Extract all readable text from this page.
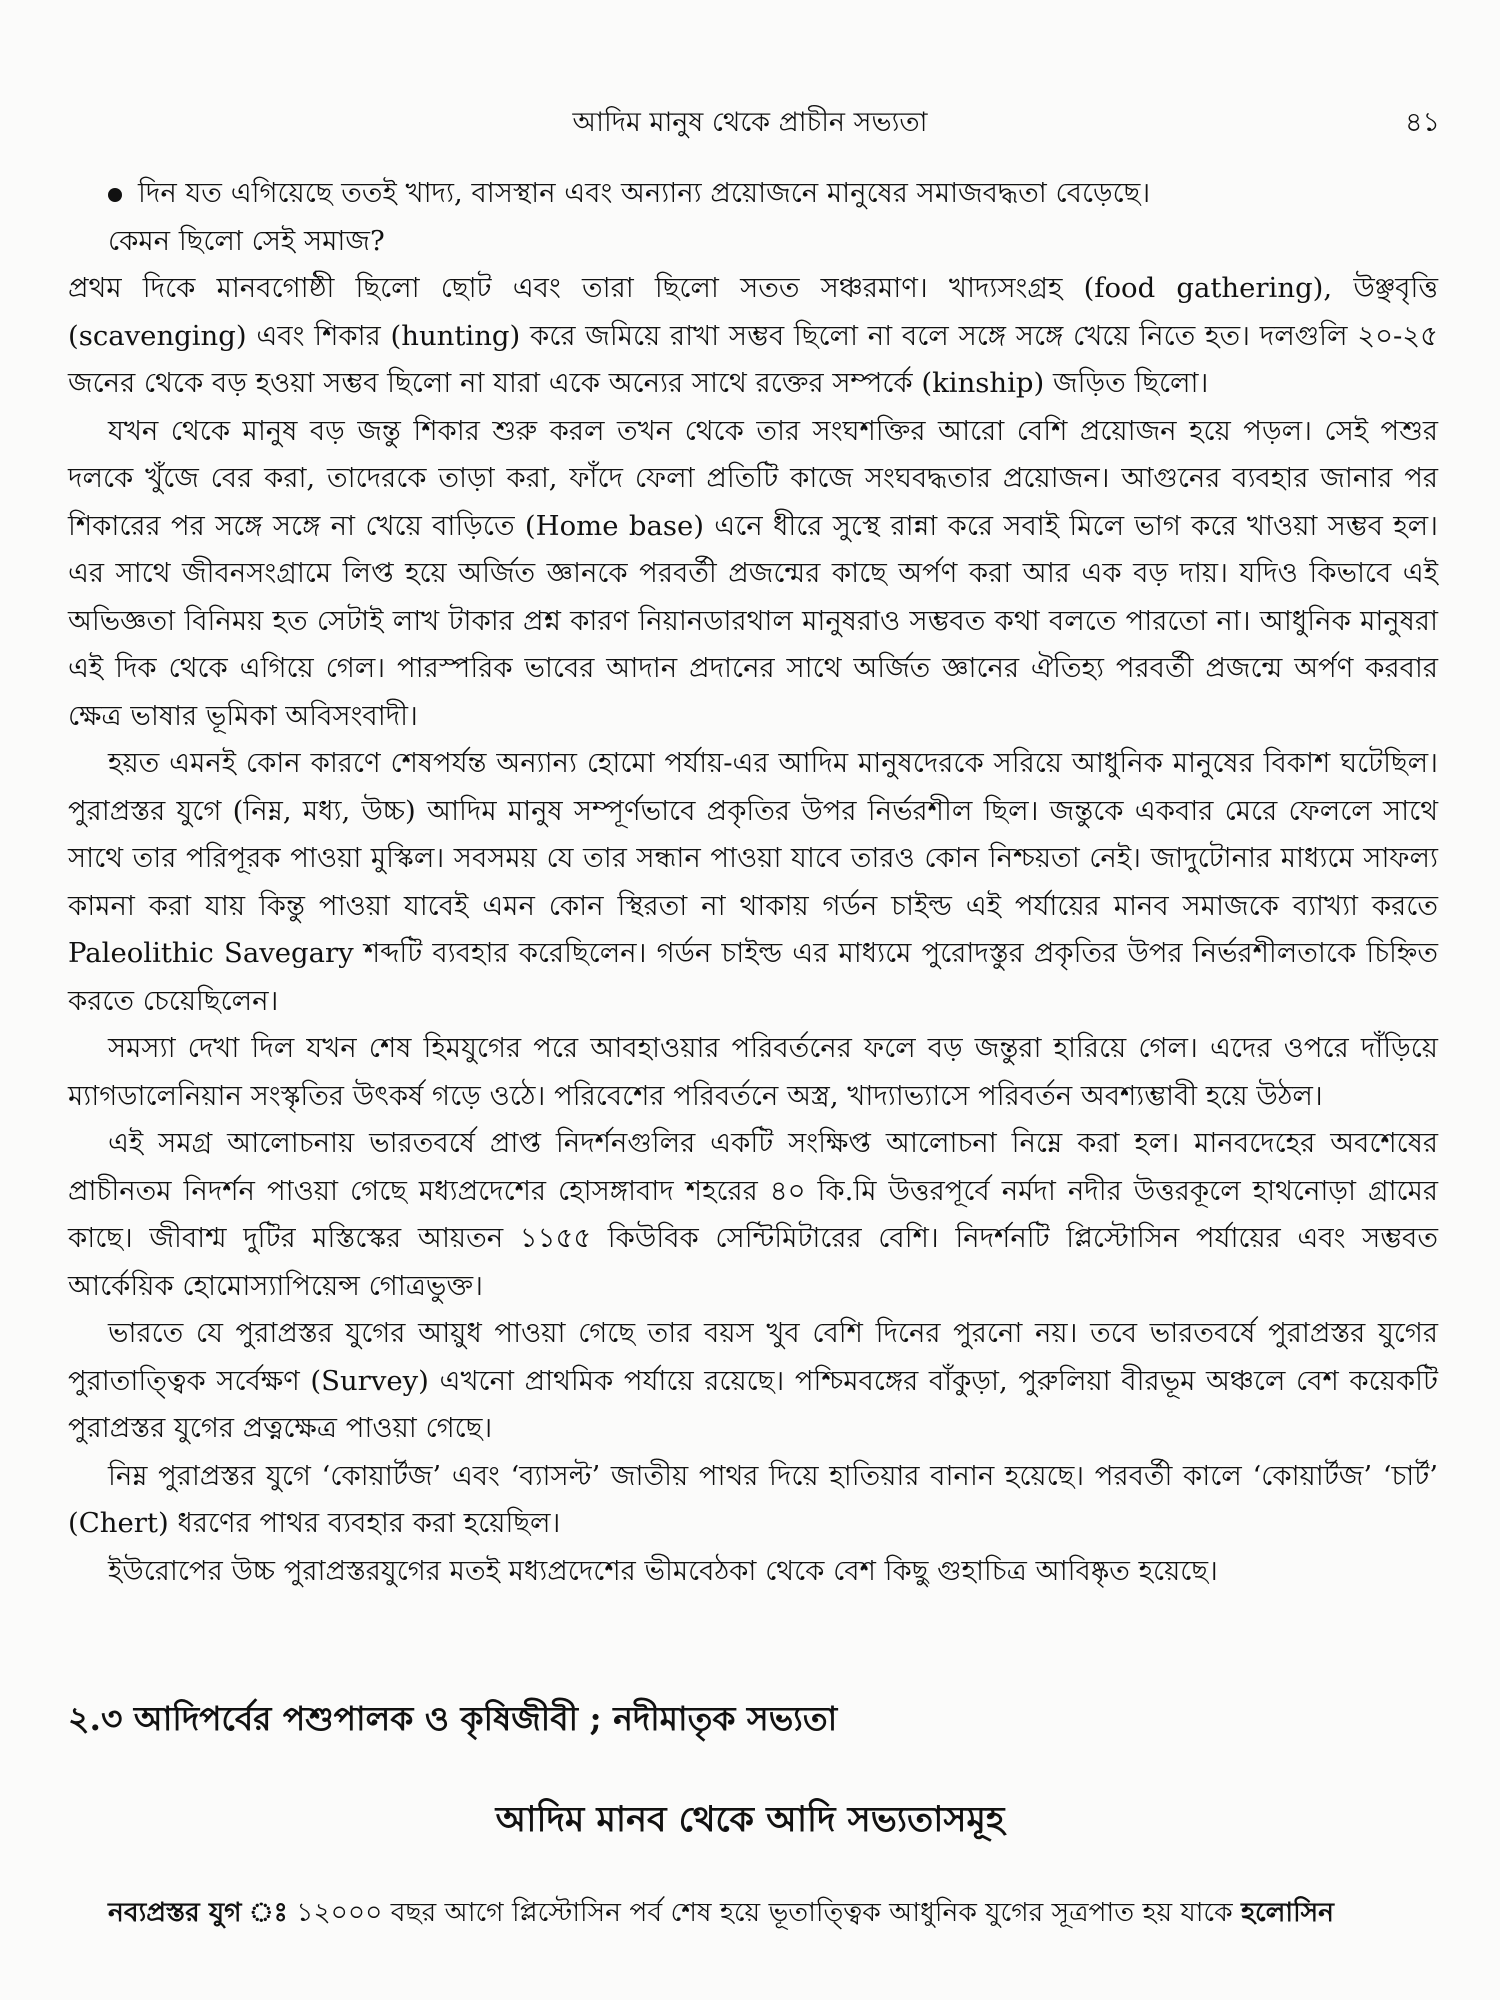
আদিম মানুষ থেকে প্রাচীন সভ্যতা	৪১

দিন যত এগিয়েছে ততই খাদ্য, বাসস্থান এবং অন্যান্য প্রয়োজনে মানুষের সমাজবদ্ধতা বেড়েছে।

কেমন ছিলো সেই সমাজ?

প্রথম দিকে মানবগোষ্ঠী ছিলো ছোট এবং তারা ছিলো সতত সঞ্চরমাণ। খাদ্যসংগ্রহ (food gathering), উঞ্ছবৃত্তি (scavenging) এবং শিকার (hunting) করে জমিয়ে রাখা সম্ভব ছিলো না বলে সঙ্গে সঙ্গে খেয়ে নিতে হত। দলগুলি ২০-২৫ জনের থেকে বড় হওয়া সম্ভব ছিলো না যারা একে অন্যের সাথে রক্তের সম্পর্কে (kinship) জড়িত ছিলো।

যখন থেকে মানুষ বড় জন্তু শিকার শুরু করল তখন থেকে তার সংঘশক্তির আরো বেশি প্রয়োজন হয়ে পড়ল। সেই পশুর দলকে খুঁজে বের করা, তাদেরকে তাড়া করা, ফাঁদে ফেলা প্রতিটি কাজে সংঘবদ্ধতার প্রয়োজন। আগুনের ব্যবহার জানার পর শিকারের পর সঙ্গে সঙ্গে না খেয়ে বাড়িতে (Home base) এনে ধীরে সুস্থে রান্না করে সবাই মিলে ভাগ করে খাওয়া সম্ভব হল। এর সাথে জীবনসংগ্রামে লিপ্ত হয়ে অর্জিত জ্ঞানকে পরবর্তী প্রজন্মের কাছে অর্পণ করা আর এক বড় দায়। যদিও কিভাবে এই অভিজ্ঞতা বিনিময় হত সেটাই লাখ টাকার প্রশ্ন কারণ নিয়ানডারথাল মানুষরাও সম্ভবত কথা বলতে পারতো না। আধুনিক মানুষরা এই দিক থেকে এগিয়ে গেল। পারস্পরিক ভাবের আদান প্রদানের সাথে অর্জিত জ্ঞানের ঐতিহ্য পরবর্তী প্রজন্মে অর্পণ করবার ক্ষেত্র ভাষার ভূমিকা অবিসংবাদী।

হয়ত এমনই কোন কারণে শেষপর্যন্ত অন্যান্য হোমো পর্যায়-এর আদিম মানুষদেরকে সরিয়ে আধুনিক মানুষের বিকাশ ঘটেছিল। পুরাপ্রস্তর যুগে (নিম্ন, মধ্য, উচ্চ) আদিম মানুষ সম্পূর্ণভাবে প্রকৃতির উপর নির্ভরশীল ছিল। জন্তুকে একবার মেরে ফেললে সাথে সাথে তার পরিপূরক পাওয়া মুস্কিল। সবসময় যে তার সন্ধান পাওয়া যাবে তারও কোন নিশ্চয়তা নেই। জাদুটোনার মাধ্যমে সাফল্য কামনা করা যায় কিন্তু পাওয়া যাবেই এমন কোন স্থিরতা না থাকায় গর্ডন চাইল্ড এই পর্যায়ের মানব সমাজকে ব্যাখ্যা করতে Paleolithic Savegary শব্দটি ব্যবহার করেছিলেন। গর্ডন চাইল্ড এর মাধ্যমে পুরোদস্তুর প্রকৃতির উপর নির্ভরশীলতাকে চিহ্নিত করতে চেয়েছিলেন।

সমস্যা দেখা দিল যখন শেষ হিমযুগের পরে আবহাওয়ার পরিবর্তনের ফলে বড় জন্তুরা হারিয়ে গেল। এদের ওপরে দাঁড়িয়ে ম্যাগডালেনিয়ান সংস্কৃতির উৎকর্ষ গড়ে ওঠে। পরিবেশের পরিবর্তনে অস্ত্র, খাদ্যাভ্যাসে পরিবর্তন অবশ্যম্ভাবী হয়ে উঠল।

এই সমগ্র আলোচনায় ভারতবর্ষে প্রাপ্ত নিদর্শনগুলির একটি সংক্ষিপ্ত আলোচনা নিম্নে করা হল। মানবদেহের অবশেষের প্রাচীনতম নিদর্শন পাওয়া গেছে মধ্যপ্রদেশের হোসঙ্গাবাদ শহরের ৪০ কি.মি উত্তরপূর্বে নর্মদা নদীর উত্তরকূলে হাথনোড়া গ্রামের কাছে। জীবাশ্ম দুটির মস্তিস্কের আয়তন ১১৫৫ কিউবিক সেন্টিমিটারের বেশি। নিদর্শনটি প্লিস্টোসিন পর্যায়ের এবং সম্ভবত আর্কেয়িক হোমোস্যাপিয়েন্স গোত্রভুক্ত।

ভারতে যে পুরাপ্রস্তর যুগের আয়ুধ পাওয়া গেছে তার বয়স খুব বেশি দিনের পুরনো নয়। তবে ভারতবর্ষে পুরাপ্রস্তর যুগের পুরাতাত্ত্বিক সর্বেক্ষণ (Survey) এখনো প্রাথমিক পর্যায়ে রয়েছে। পশ্চিমবঙ্গের বাঁকুড়া, পুরুলিয়া বীরভূম অঞ্চলে বেশ কয়েকটি পুরাপ্রস্তর যুগের প্রত্নক্ষেত্র পাওয়া গেছে।

নিম্ন পুরাপ্রস্তর যুগে ‘কোয়ার্টজ’ এবং ‘ব্যাসল্ট’ জাতীয় পাথর দিয়ে হাতিয়ার বানান হয়েছে। পরবর্তী কালে ‘কোয়ার্টজ’ ‘চার্ট’ (Chert) ধরণের পাথর ব্যবহার করা হয়েছিল।

ইউরোপের উচ্চ পুরাপ্রস্তরযুগের মতই মধ্যপ্রদেশের ভীমবেঠকা থেকে বেশ কিছু গুহাচিত্র আবিষ্কৃত হয়েছে।

২.৩ আদিপর্বের পশুপালক ও কৃষিজীবী ; নদীমাতৃক সভ্যতা
আদিম মানব থেকে আদি সভ্যতাসমূহ
নব্যপ্রস্তর যুগ ঃ ১২০০০ বছর আগে প্লিস্টোসিন পর্ব শেষ হয়ে ভূতাত্ত্বিক আধুনিক যুগের সূত্রপাত হয় যাকে হলোসিন
